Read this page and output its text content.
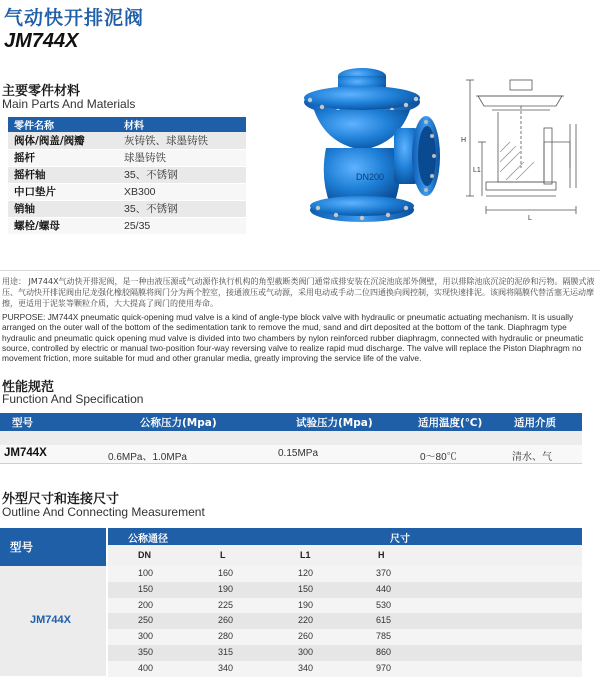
气动快开排泥阀
JM744X
主要零件材料
Main Parts And Materials
零件名称	材料
阀体/阀盖/阀瓣	灰铸铁、球墨铸铁
摇杆	球墨铸铁
摇杆轴	35、不锈钢
中口垫片	XB300
销轴	35、不锈钢
螺栓/螺母	25/35
DN200
H
L1
L
用途： JM744X气动快开排泥阀，是一种由液压源或气动源作执行机构的角型截断类阀门通常成排安装在沉淀池底部外侧壁，用以排除池底沉淀的泥砂和污物。隔膜式液压、气动快开排泥阀由尼龙强化橡胶隔膜将阀门分为两个腔室，接通液压或气动源，采用电动或手动二位四通换向阀控制，实现快速排泥。该阀将隔膜代替活塞无运动摩擦，更适用于泥浆等颗粒介质，大大提高了阀门的使用寿命。
PURPOSE: JM744X pneumatic quick-opening mud valve is a kind of angle-type block valve with hydraulic or pneumatic actuating mechanism. It is usually arranged on the outer wall of the bottom of the sedimentation tank to remove the mud, sand and dirt deposited at the bottom of the tank. Diaphragm type hydraulic and pneumatic quick opening mud valve is divided into two chambers by nylon reinforced rubber diaphragm, connected with hydraulic or pneumatic source, controlled by electric or manual two-position four-way reversing valve to realize rapid mud discharge. The valve will replace the Piston Diaphragm no movement friction, more suitable for mud and other granular media, greatly improving the service life of the valve.
性能规范
Function And Specification
型号	公称压力(Mpa)	试验压力(Mpa)	适用温度(℃)	适用介质
JM744X	0.6MPa、1.0MPa	0.15MPa	0～80℃	清水、气
外型尺寸和连接尺寸
Outline And Connecting Measurement
型号
公称通径	尺寸
DN	L	L1	H
JM744X
100	160	120	370
150	190	150	440
200	225	190	530
250	260	220	615
300	280	260	785
350	315	300	860
400	340	340	970
